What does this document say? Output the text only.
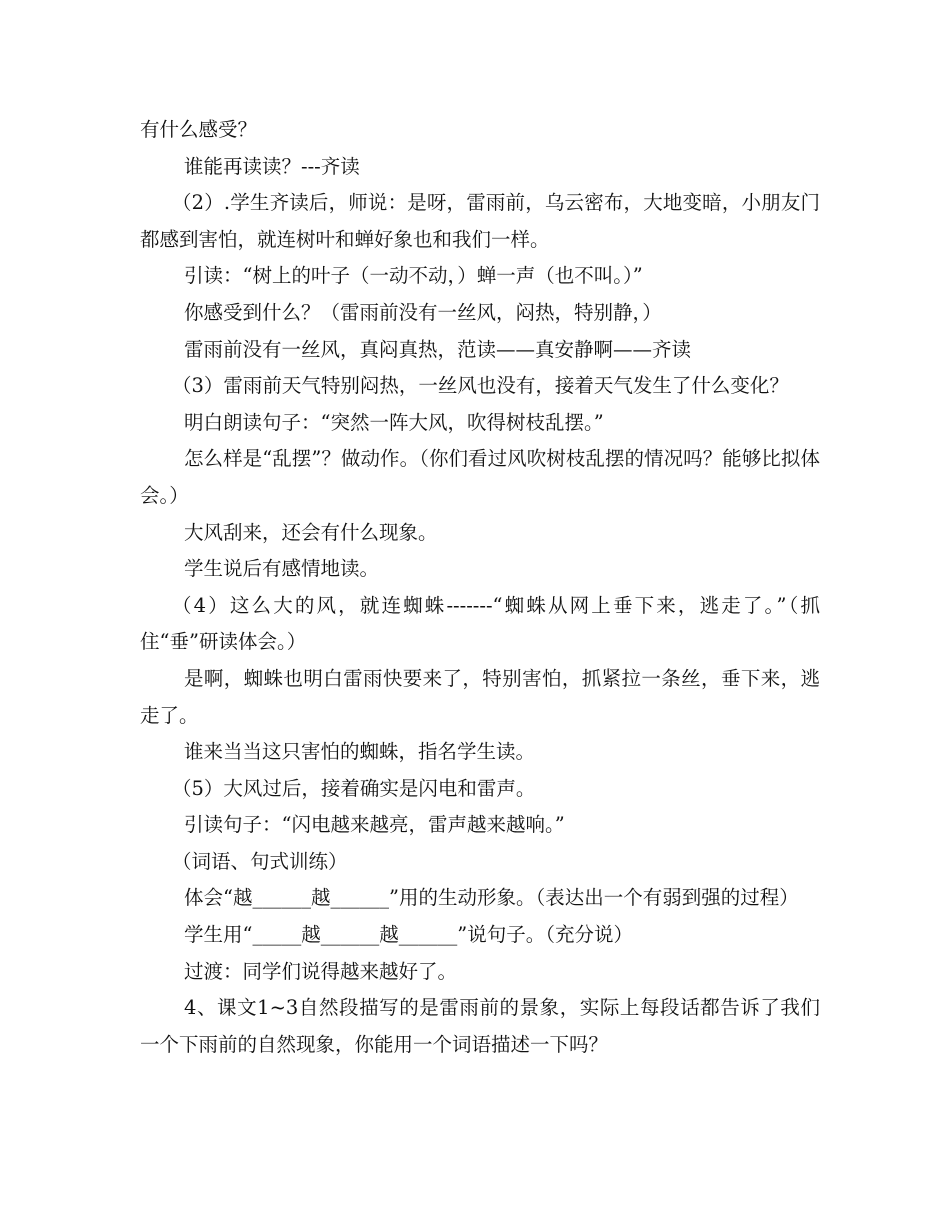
有什么感受？

谁能再读读？---齐读

（2）.学生齐读后，师说：是呀，雷雨前，乌云密布，大地变暗，小朋友门都感到害怕，就连树叶和蝉好象也和我们一样。

引读：“树上的叶子（一动不动，）蝉一声（也不叫。）”

你感受到什么？（雷雨前没有一丝风，闷热，特别静，）

雷雨前没有一丝风，真闷真热，范读——真安静啊——齐读

（3）雷雨前天气特别闷热，一丝风也没有，接着天气发生了什么变化？

明白朗读句子：“突然一阵大风，吹得树枝乱摆。”

怎么样是“乱摆”？做动作。（你们看过风吹树枝乱摆的情况吗？能够比拟体会。）

大风刮来，还会有什么现象。

学生说后有感情地读。

（4）这么大的风，就连蜘蛛-------“蜘蛛从网上垂下来，逃走了。”（抓住“垂”研读体会。）

是啊，蜘蛛也明白雷雨快要来了，特别害怕，抓紧拉一条丝，垂下来，逃走了。

谁来当当这只害怕的蜘蛛，指名学生读。

（5）大风过后，接着确实是闪电和雷声。

引读句子：“闪电越来越亮，雷声越来越响。”

（词语、句式训练）

体会“越______越______”用的生动形象。（表达出一个有弱到强的过程）

学生用“_____越______越______”说句子。（充分说）

过渡：同学们说得越来越好了。

4、课文1~3自然段描写的是雷雨前的景象，实际上每段话都告诉了我们一个下雨前的自然现象，你能用一个词语描述一下吗？
